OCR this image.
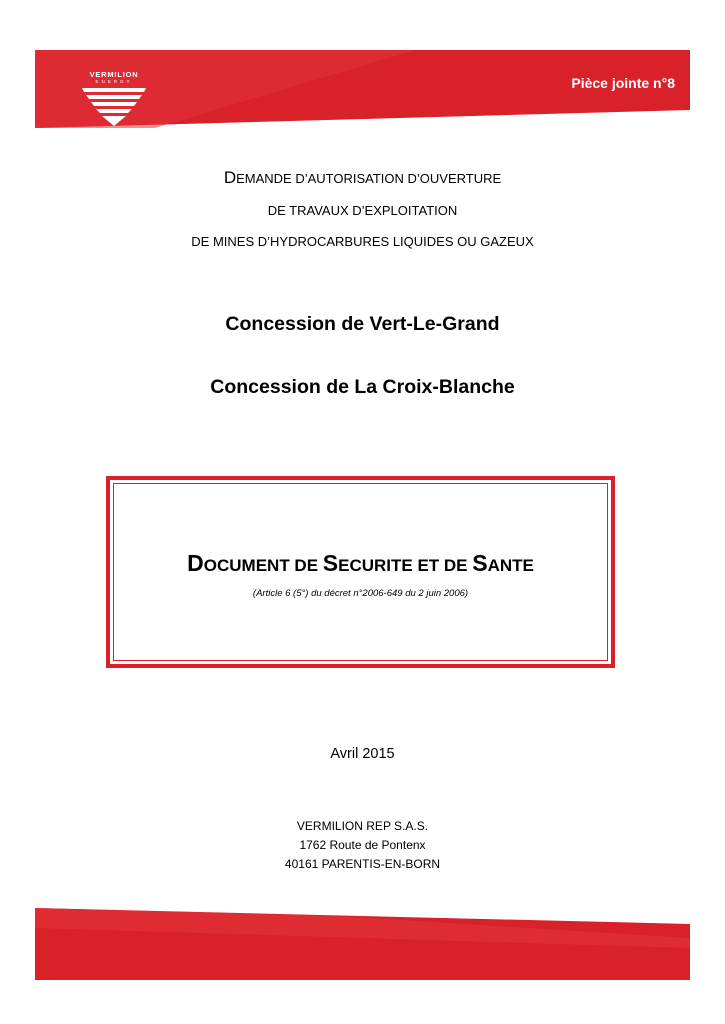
VERMILION
ENERGY	Pièce jointe n°8
DEMANDE D’AUTORISATION D’OUVERTURE
DE TRAVAUX D’EXPLOITATION
DE MINES D’HYDROCARBURES LIQUIDES OU GAZEUX
Concession de Vert-Le-Grand
Concession de La Croix-Blanche
DOCUMENT DE SECURITE ET DE SANTE
(Article 6 (5°) du décret n°2006-649 du 2 juin 2006)
Avril 2015
VERMILION REP S.A.S.
1762 Route de Pontenx
40161 PARENTIS-EN-BORN
